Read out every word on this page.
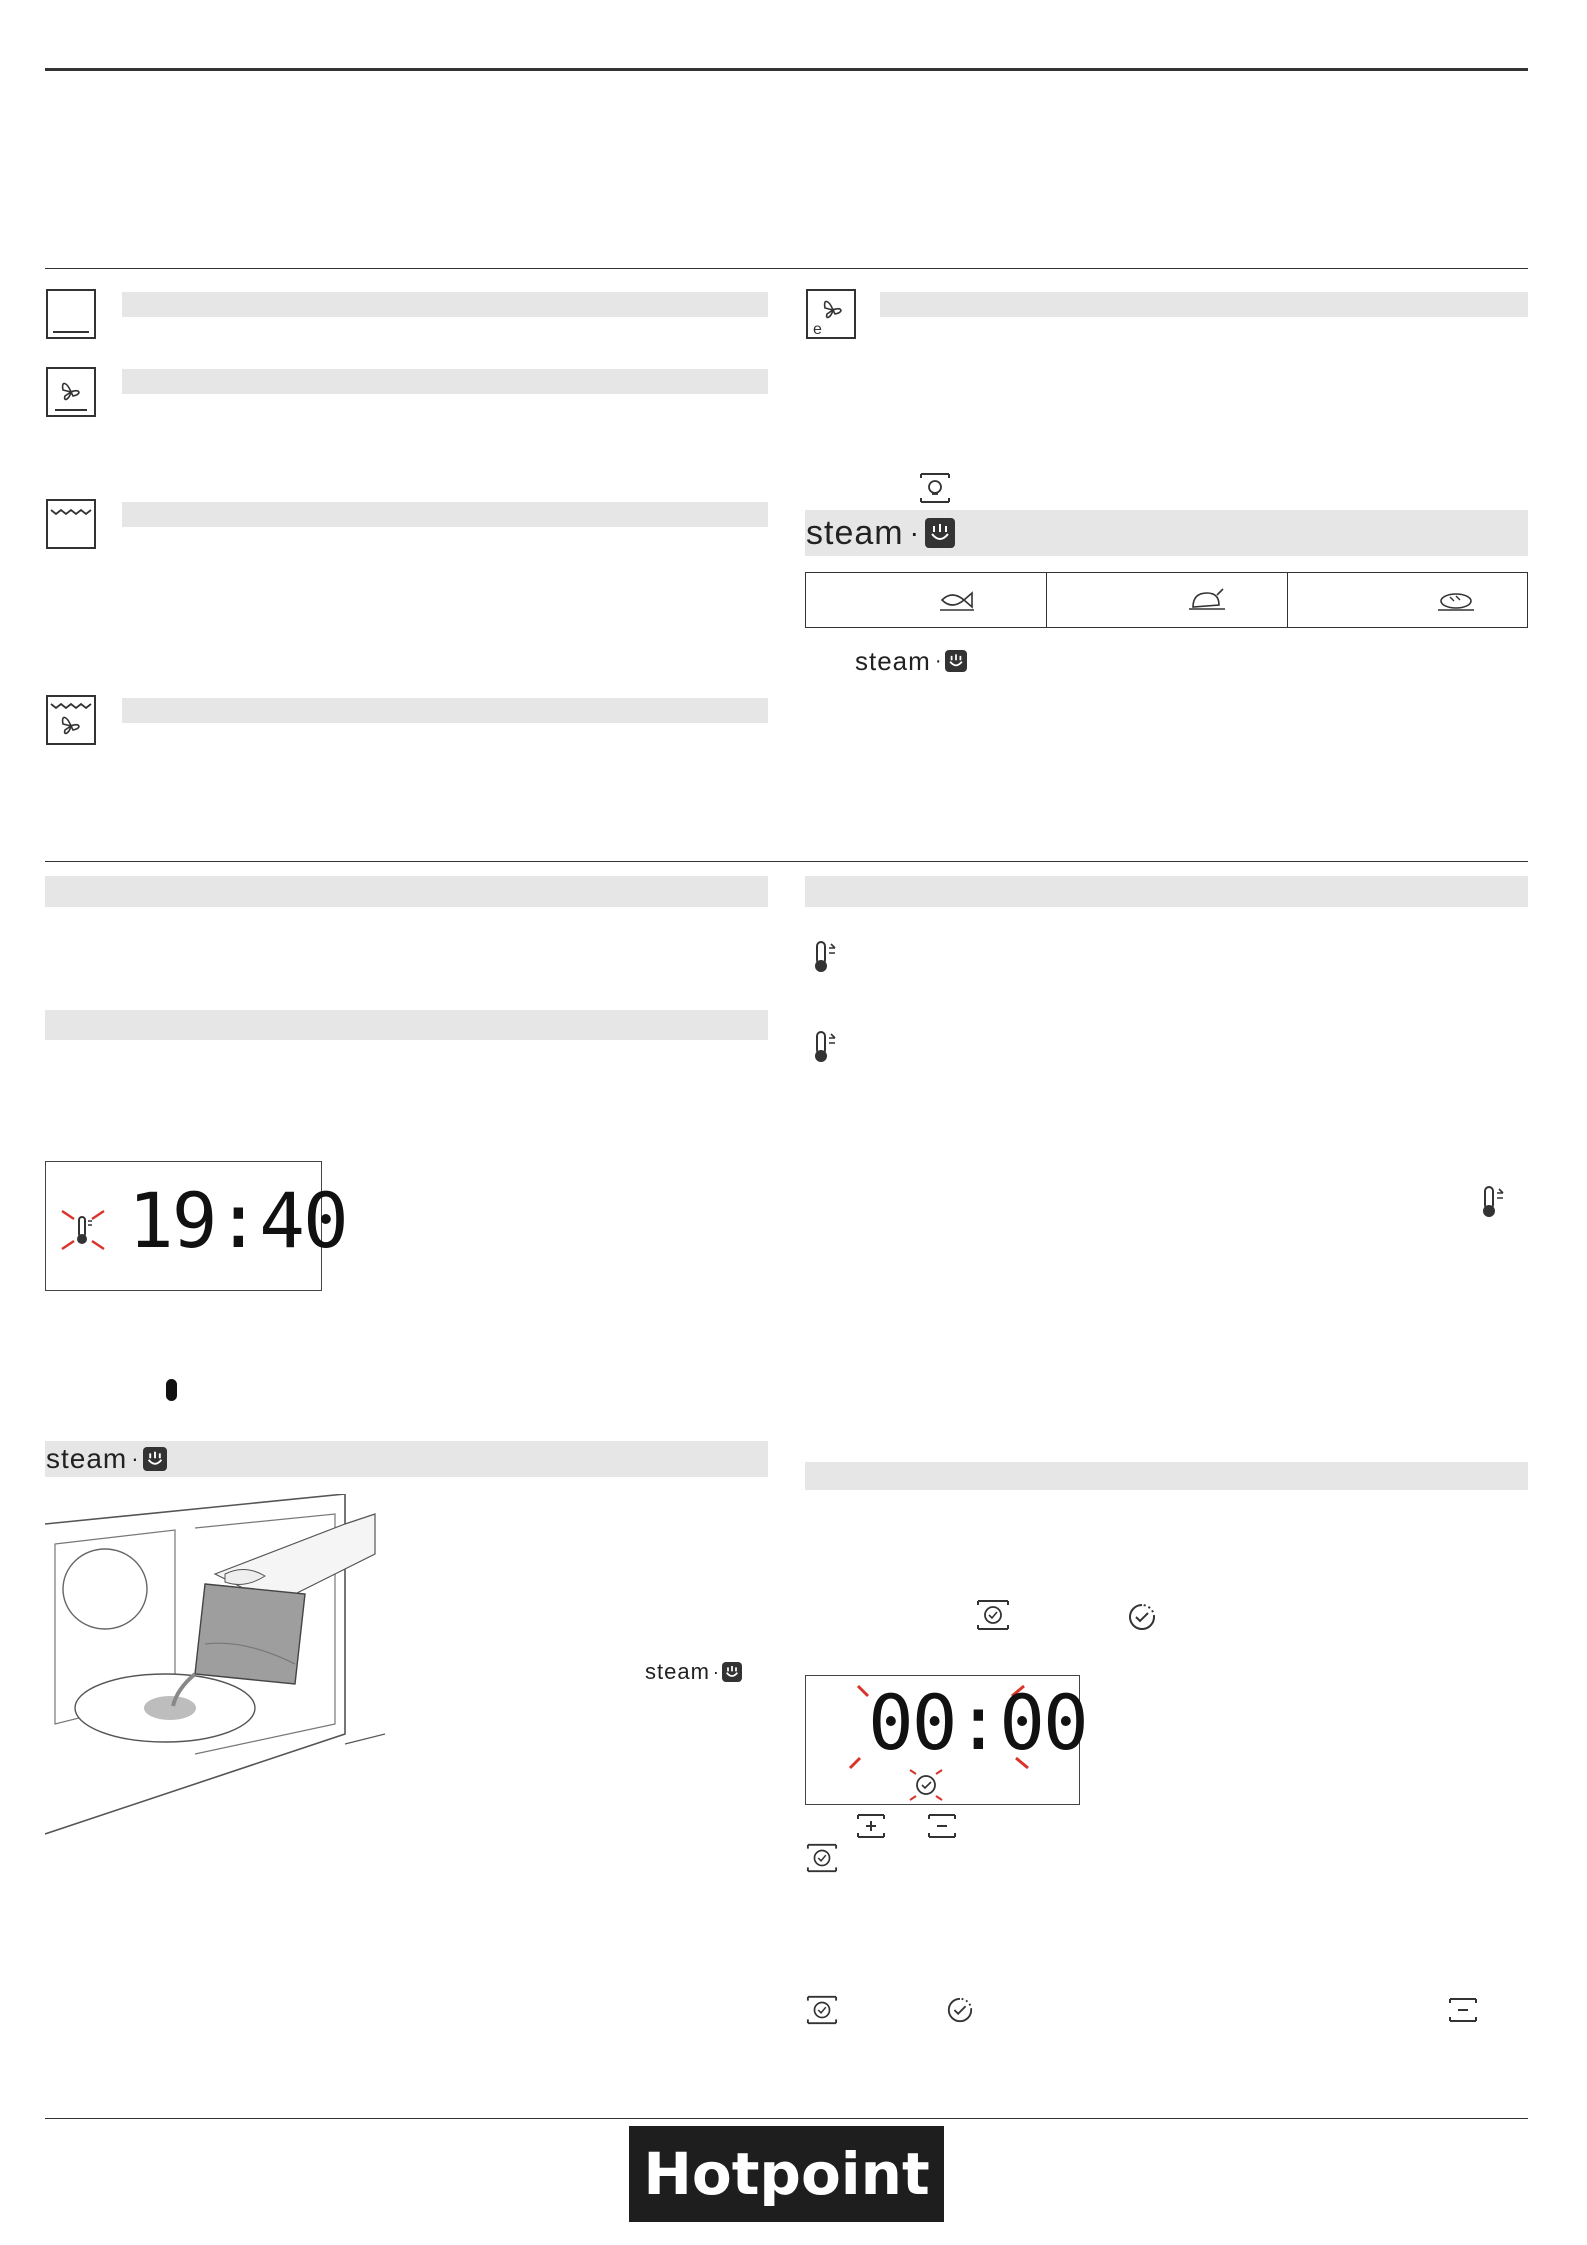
e
steam ·
steam ·
19:40
steam ·
steam ·
00:00
Hotpoint
